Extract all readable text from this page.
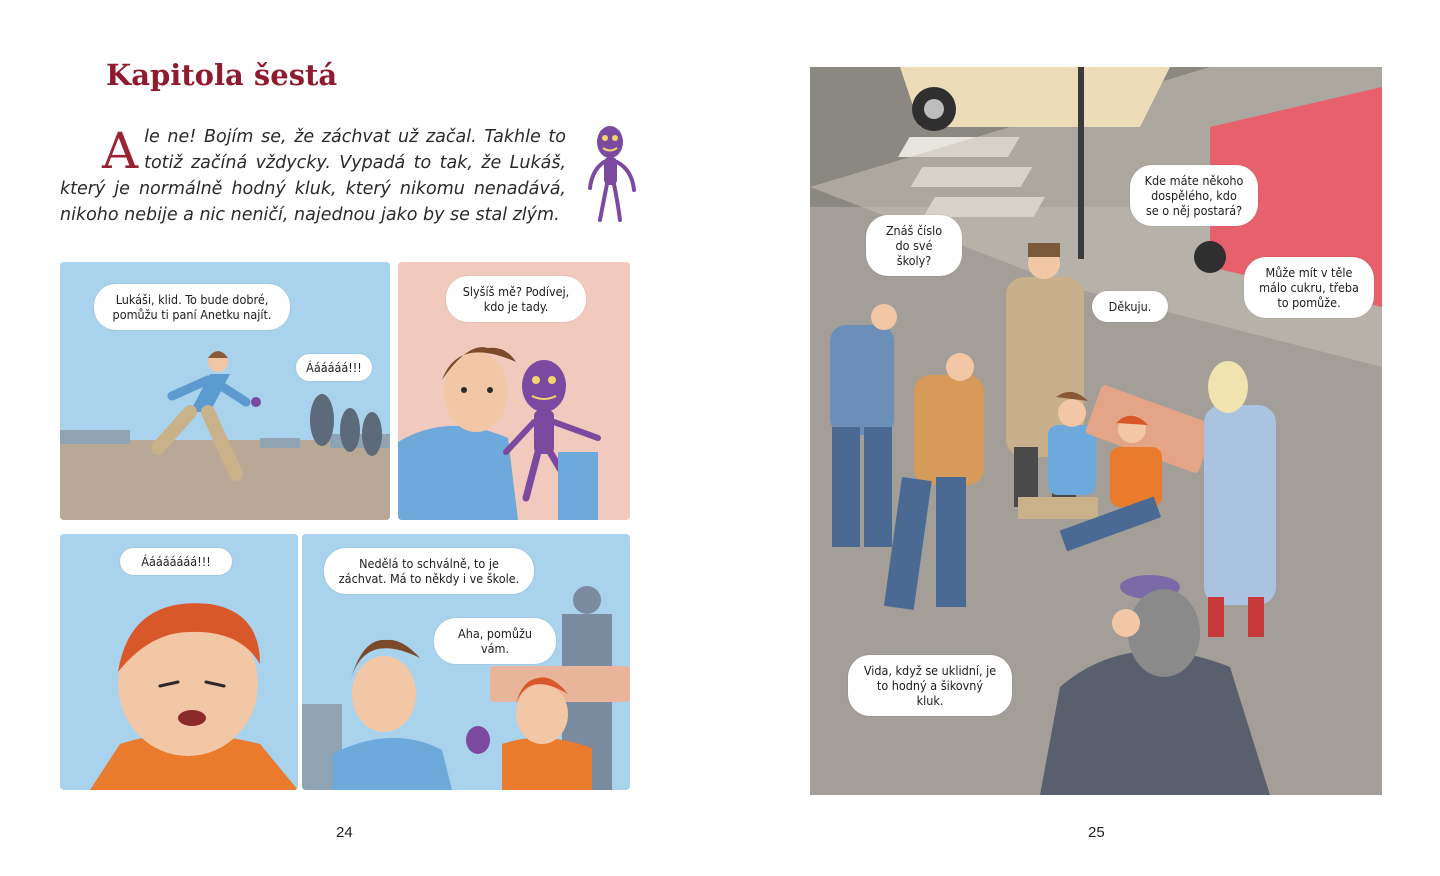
Kapitola šestá

Ale ne! Bojím se, že záchvat už začal. Takhle to totiž začíná vždycky. Vypadá to tak, že Lukáš, který je normálně hodný kluk, který nikomu nenadává, nikoho nebije a nic neničí, najednou jako by se stal zlým.

Lukáši, klid. To bude dobré, pomůžu ti paní Anetku najít.
Áááááá!!!
Slyšíš mě? Podívej, kdo je tady.
Áááááááá!!!	Nedělá to schválně, to je záchvat. Má to někdy i ve škole.
Aha, pomůžu vám.
24
Kde máte někoho dospělého, kdo se o něj postará?
Znáš číslo do své školy?
Může mít v těle málo cukru, třeba to pomůže.
Děkuju.
Vida, když se uklidní, je to hodný a šikovný kluk.
25
